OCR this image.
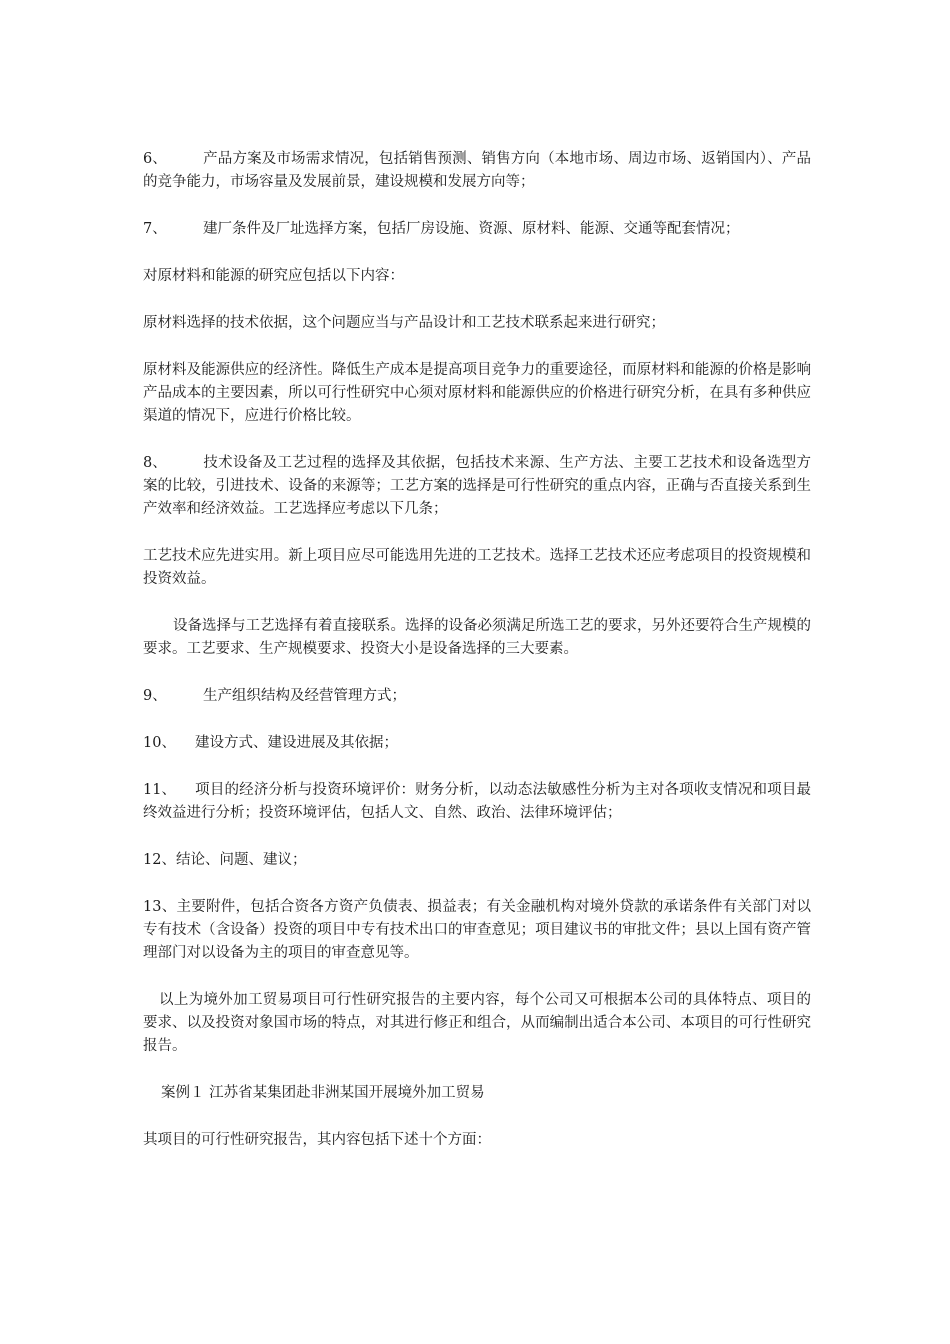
6、	产品方案及市场需求情况，包括销售预测、销售方向（本地市场、周边市场、返销国内）、产品的竞争能力，市场容量及发展前景，建设规模和发展方向等；

7、	建厂条件及厂址选择方案，包括厂房设施、资源、原材料、能源、交通等配套情况；

对原材料和能源的研究应包括以下内容：

原材料选择的技术依据，这个问题应当与产品设计和工艺技术联系起来进行研究；

原材料及能源供应的经济性。降低生产成本是提高项目竞争力的重要途径，而原材料和能源的价格是影响产品成本的主要因素，所以可行性研究中心须对原材料和能源供应的价格进行研究分析，在具有多种供应渠道的情况下，应进行价格比较。

8、	技术设备及工艺过程的选择及其依据，包括技术来源、生产方法、主要工艺技术和设备选型方案的比较，引进技术、设备的来源等；工艺方案的选择是可行性研究的重点内容，正确与否直接关系到生产效率和经济效益。工艺选择应考虑以下几条；

工艺技术应先进实用。新上项目应尽可能选用先进的工艺技术。选择工艺技术还应考虑项目的投资规模和投资效益。

设备选择与工艺选择有着直接联系。选择的设备必须满足所选工艺的要求，另外还要符合生产规模的要求。工艺要求、生产规模要求、投资大小是设备选择的三大要素。

9、	生产组织结构及经营管理方式；

10、 建设方式、建设进展及其依据；

11、 项目的经济分析与投资环境评价：财务分析，以动态法敏感性分析为主对各项收支情况和项目最终效益进行分析；投资环境评估，包括人文、自然、政治、法律环境评估；

12、结论、问题、建议；

13、主要附件，包括合资各方资产负债表、损益表；有关金融机构对境外贷款的承诺条件有关部门对以专有技术（含设备）投资的项目中专有技术出口的审查意见；项目建议书的审批文件；县以上国有资产管理部门对以设备为主的项目的审查意见等。

以上为境外加工贸易项目可行性研究报告的主要内容，每个公司又可根据本公司的具体特点、项目的要求、以及投资对象国市场的特点，对其进行修正和组合，从而编制出适合本公司、本项目的可行性研究报告。

案例１ 江苏省某集团赴非洲某国开展境外加工贸易

其项目的可行性研究报告，其内容包括下述十个方面：
